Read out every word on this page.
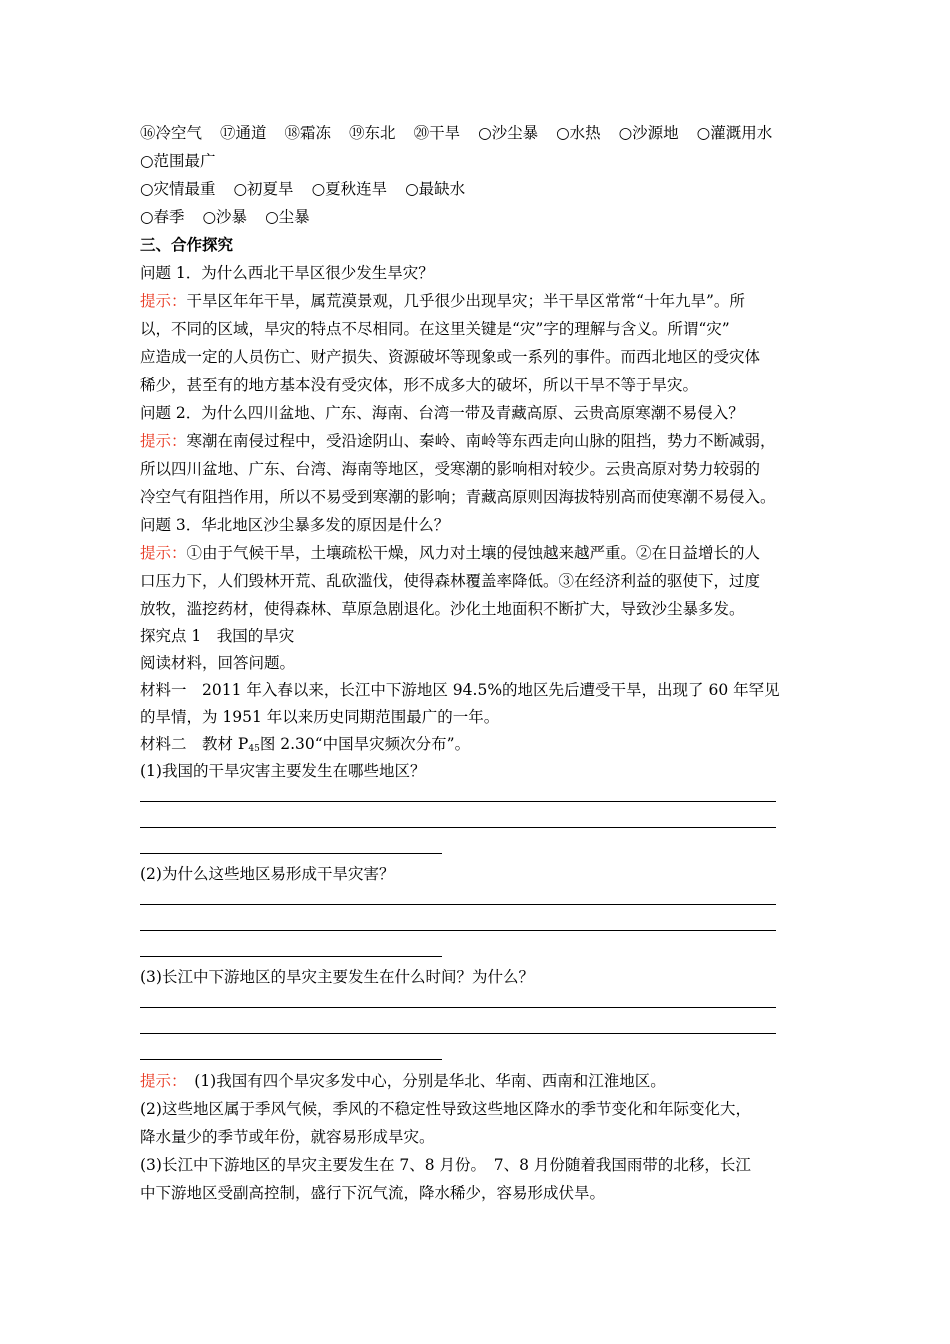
⑯冷空气 ⑰通道 ⑱霜冻 ⑲东北 ⑳干旱 ○沙尘暴 ○水热 ○沙源地 ○灌溉用水
○范围最广
○灾情最重 ○初夏旱 ○夏秋连旱 ○最缺水
○春季 ○沙暴 ○尘暴
三、合作探究
问题 1．为什么西北干旱区很少发生旱灾？
提示：干旱区年年干旱，属荒漠景观，几乎很少出现旱灾；半干旱区常常“十年九旱”。所
以，不同的区域，旱灾的特点不尽相同。在这里关键是“灾”字的理解与含义。所谓“灾”
应造成一定的人员伤亡、财产损失、资源破坏等现象或一系列的事件。而西北地区的受灾体
稀少，甚至有的地方基本没有受灾体，形不成多大的破坏，所以干旱不等于旱灾。
问题 2．为什么四川盆地、广东、海南、台湾一带及青藏高原、云贵高原寒潮不易侵入？
提示：寒潮在南侵过程中，受沿途阴山、秦岭、南岭等东西走向山脉的阻挡，势力不断减弱，
所以四川盆地、广东、台湾、海南等地区，受寒潮的影响相对较少。云贵高原对势力较弱的
冷空气有阻挡作用，所以不易受到寒潮的影响；青藏高原则因海拔特别高而使寒潮不易侵入。
问题 3．华北地区沙尘暴多发的原因是什么？
提示：①由于气候干旱，土壤疏松干燥，风力对土壤的侵蚀越来越严重。②在日益增长的人
口压力下，人们毁林开荒、乱砍滥伐，使得森林覆盖率降低。③在经济利益的驱使下，过度
放牧，滥挖药材，使得森林、草原急剧退化。沙化土地面积不断扩大，导致沙尘暴多发。
探究点 1　我国的旱灾
阅读材料，回答问题。
材料一　2011 年入春以来，长江中下游地区 94.5%的地区先后遭受干旱，出现了 60 年罕见
的旱情，为 1951 年以来历史同期范围最广的一年。
材料二　教材 $P_{45}$图 2.30“中国旱灾频次分布”。
(1)我国的干旱灾害主要发生在哪些地区？
(2)为什么这些地区易形成干旱灾害？
(3)长江中下游地区的旱灾主要发生在什么时间？为什么？
提示：　(1)我国有四个旱灾多发中心，分别是华北、华南、西南和江淮地区。
(2)这些地区属于季风气候，季风的不稳定性导致这些地区降水的季节变化和年际变化大，
降水量少的季节或年份，就容易形成旱灾。
(3)长江中下游地区的旱灾主要发生在 7、8 月份。　7、8 月份随着我国雨带的北移，长江
中下游地区受副高控制，盛行下沉气流，降水稀少，容易形成伏旱。
